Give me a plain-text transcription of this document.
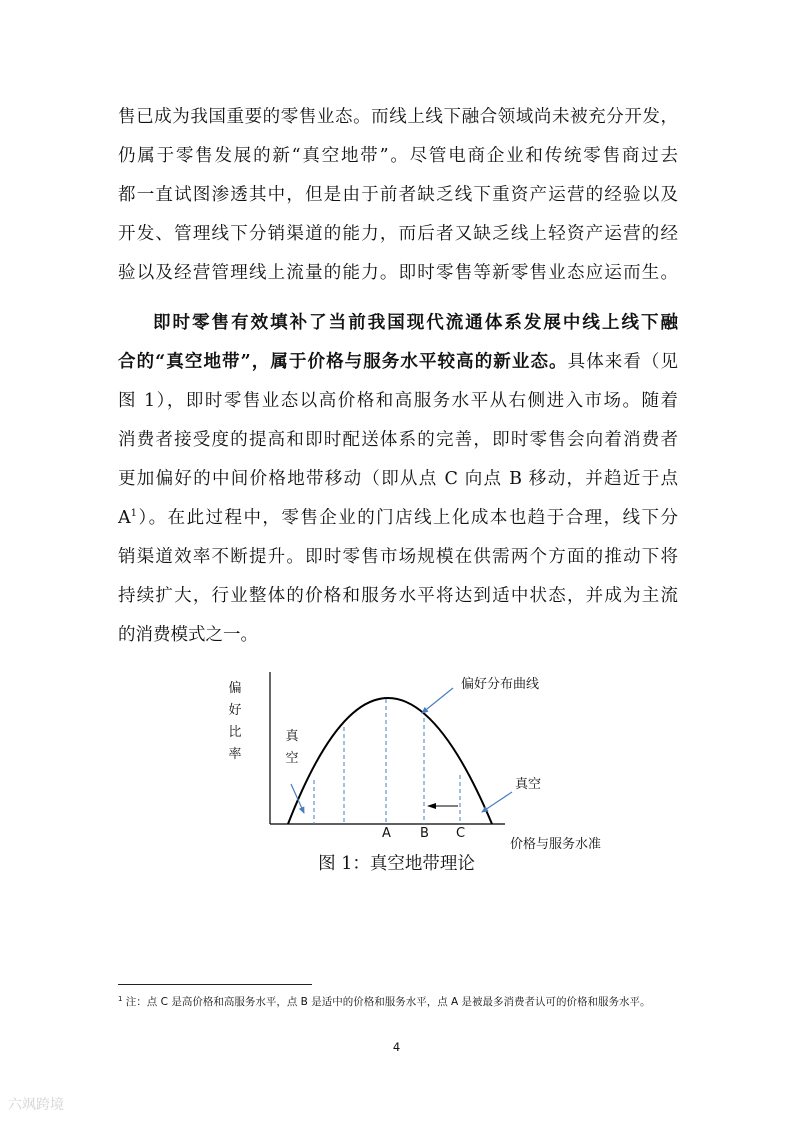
售已成为我国重要的零售业态。而线上线下融合领域尚未被充分开发，
仍属于零售发展的新“真空地带”。尽管电商企业和传统零售商过去
都一直试图渗透其中，但是由于前者缺乏线下重资产运营的经验以及
开发、管理线下分销渠道的能力，而后者又缺乏线上轻资产运营的经
验以及经营管理线上流量的能力。即时零售等新零售业态应运而生。
即时零售有效填补了当前我国现代流通体系发展中线上线下融
合的“真空地带”，属于价格与服务水平较高的新业态。具体来看（见
图 1），即时零售业态以高价格和高服务水平从右侧进入市场。随着
消费者接受度的提高和即时配送体系的完善，即时零售会向着消费者
更加偏好的中间价格地带移动（即从点 C 向点 B 移动，并趋近于点
$A^1$）。在此过程中，零售企业的门店线上化成本也趋于合理，线下分
销渠道效率不断提升。即时零售市场规模在供需两个方面的推动下将
持续扩大，行业整体的价格和服务水平将达到适中状态，并成为主流
的消费模式之一。
偏好比率
真空
偏好分布曲线
真空
A B C
价格与服务水准
图 1：真空地带理论
$^1$ 注：点 C 是高价格和高服务水平，点 B 是适中的价格和服务水平，点 A 是被最多消费者认可的价格和服务水平。
4
六飒跨境
